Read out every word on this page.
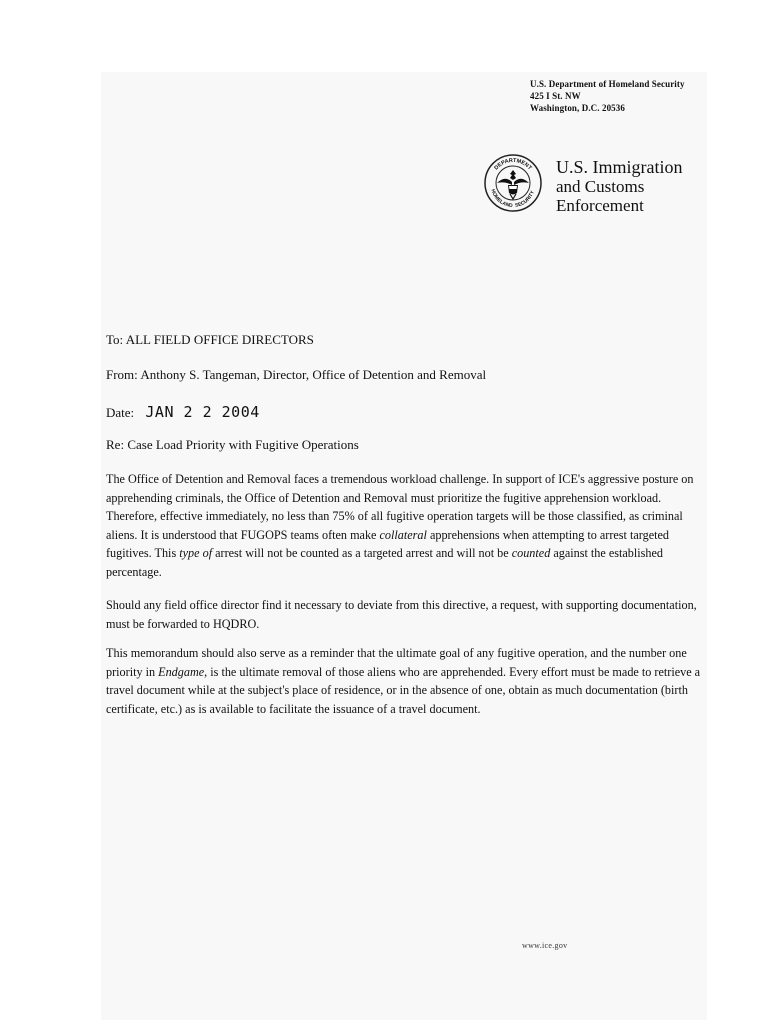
U.S. Department of Homeland Security
425 I St. NW
Washington, D.C. 20536
DEPARTMENT
HOMELAND SECURITY
U.S. Immigration
and Customs
Enforcement
To: ALL FIELD OFFICE DIRECTORS
From: Anthony S. Tangeman, Director, Office of Detention and Removal
Date: JAN 2 2 2004
Re: Case Load Priority with Fugitive Operations
The Office of Detention and Removal faces a tremendous workload challenge. In support of ICE's aggressive posture on apprehending criminals, the Office of Detention and Removal must prioritize the fugitive apprehension workload. Therefore, effective immediately, no less than 75% of all fugitive operation targets will be those classified, as criminal aliens. It is understood that FUGOPS teams often make collateral apprehensions when attempting to arrest targeted fugitives. This type of arrest will not be counted as a targeted arrest and will not be counted against the established percentage.
Should any field office director find it necessary to deviate from this directive, a request, with supporting documentation, must be forwarded to HQDRO.
This memorandum should also serve as a reminder that the ultimate goal of any fugitive operation, and the number one priority in Endgame, is the ultimate removal of those aliens who are apprehended. Every effort must be made to retrieve a travel document while at the subject's place of residence, or in the absence of one, obtain as much documentation (birth certificate, etc.) as is available to facilitate the issuance of a travel document.
www.ice.gov
